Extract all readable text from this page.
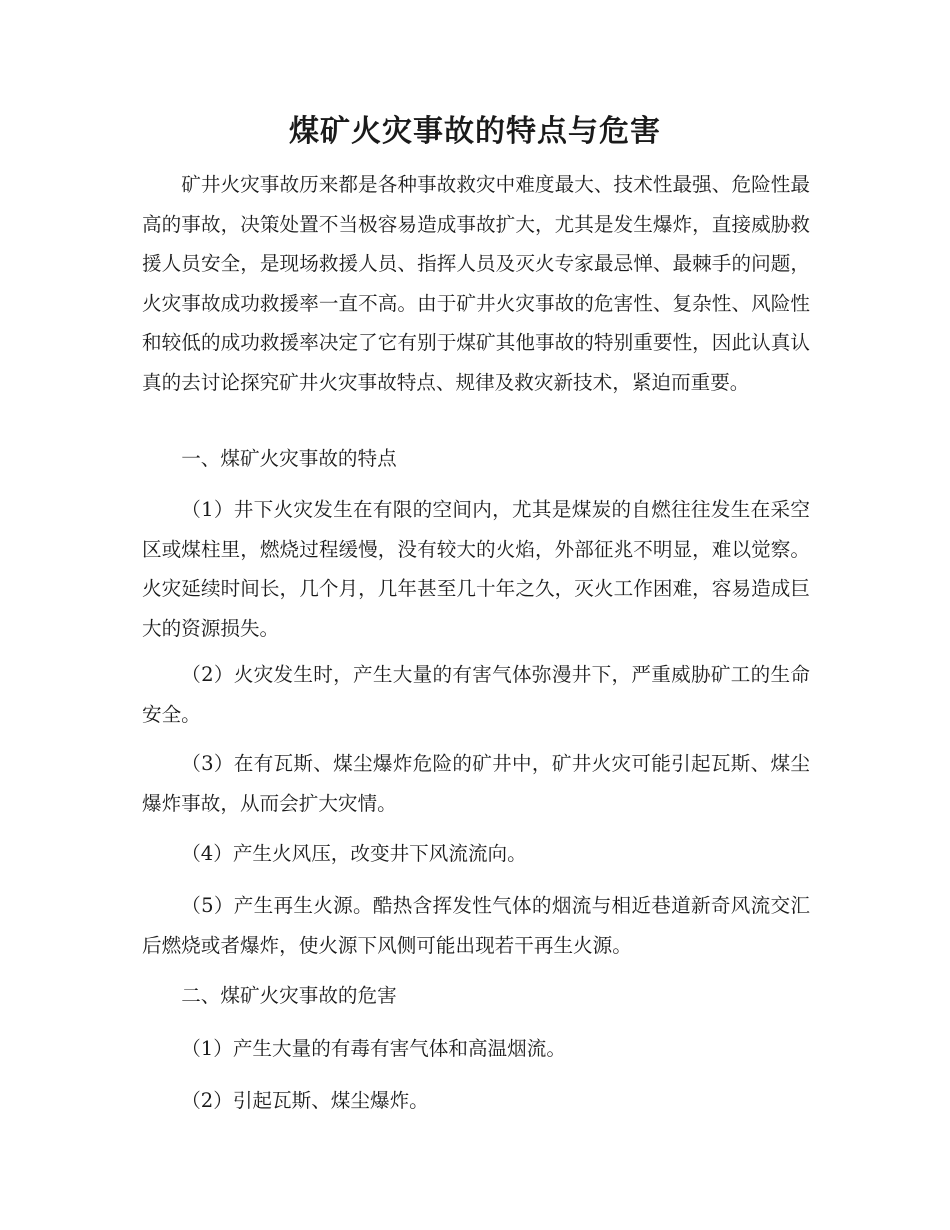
煤矿火灾事故的特点与危害

矿井火灾事故历来都是各种事故救灾中难度最大、技术性最强、危险性最高的事故，决策处置不当极容易造成事故扩大，尤其是发生爆炸，直接威胁救援人员安全，是现场救援人员、指挥人员及灭火专家最忌惮、最棘手的问题，火灾事故成功救援率一直不高。由于矿井火灾事故的危害性、复杂性、风险性和较低的成功救援率决定了它有别于煤矿其他事故的特别重要性，因此认真认真的去讨论探究矿井火灾事故特点、规律及救灾新技术，紧迫而重要。

一、煤矿火灾事故的特点

（1）井下火灾发生在有限的空间内，尤其是煤炭的自燃往往发生在采空区或煤柱里，燃烧过程缓慢，没有较大的火焰，外部征兆不明显，难以觉察。火灾延续时间长，几个月，几年甚至几十年之久，灭火工作困难，容易造成巨大的资源损失。

（2）火灾发生时，产生大量的有害气体弥漫井下，严重威胁矿工的生命安全。

（3）在有瓦斯、煤尘爆炸危险的矿井中，矿井火灾可能引起瓦斯、煤尘爆炸事故，从而会扩大灾情。

（4）产生火风压，改变井下风流流向。

（5）产生再生火源。酷热含挥发性气体的烟流与相近巷道新奇风流交汇后燃烧或者爆炸，使火源下风侧可能出现若干再生火源。

二、煤矿火灾事故的危害

（1）产生大量的有毒有害气体和高温烟流。

（2）引起瓦斯、煤尘爆炸。
